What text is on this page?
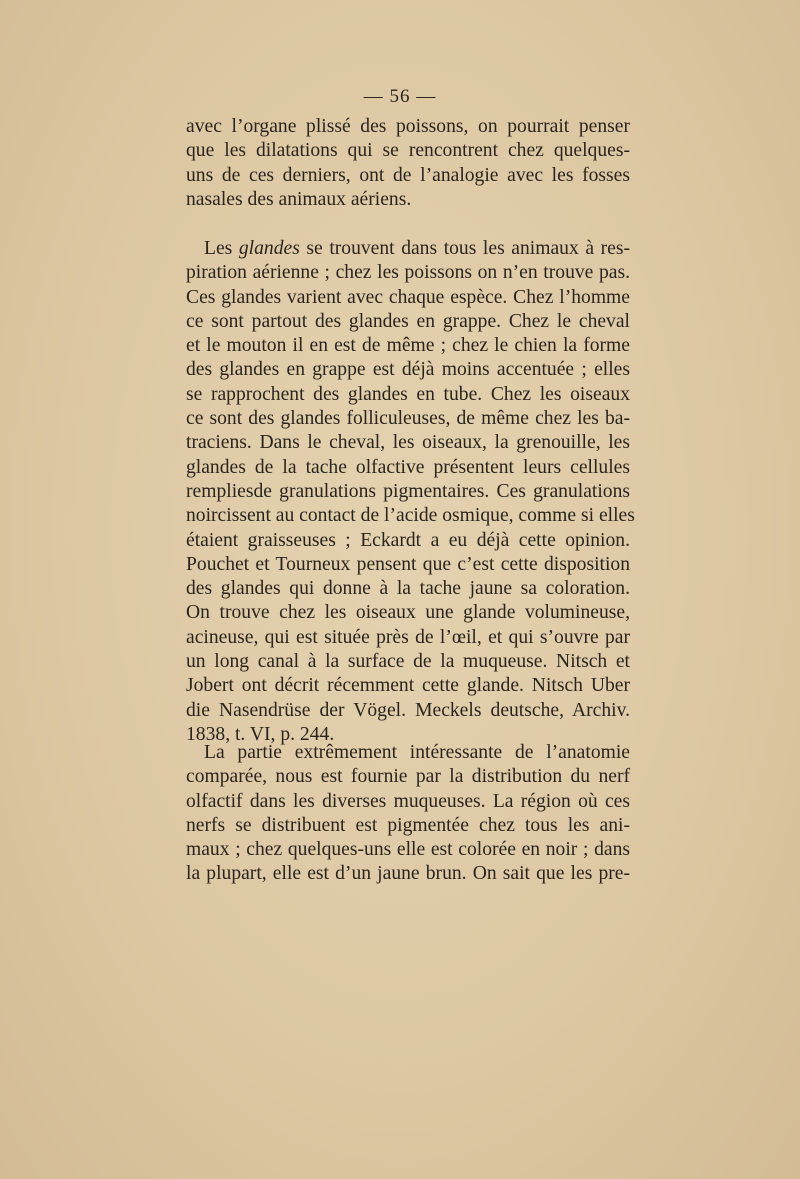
— 56 —
avec l’organe plissé des poissons, on pourrait penser
que les dilatations qui se rencontrent chez quelques-
uns de ces derniers, ont de l’analogie avec les fosses
nasales des animaux aériens.
Les glandes se trouvent dans tous les animaux à res-
piration aérienne ; chez les poissons on n’en trouve pas.
Ces glandes varient avec chaque espèce. Chez l’homme
ce sont partout des glandes en grappe. Chez le cheval
et le mouton il en est de même ; chez le chien la forme
des glandes en grappe est déjà moins accentuée ; elles
se rapprochent des glandes en tube. Chez les oiseaux
ce sont des glandes folliculeuses, de même chez les ba-
traciens. Dans le cheval, les oiseaux, la grenouille, les
glandes de la tache olfactive présentent leurs cellules
rempliesde granulations pigmentaires. Ces granulations
noircissent au contact de l’acide osmique, comme si elles
étaient graisseuses ; Eckardt a eu déjà cette opinion.
Pouchet et Tourneux pensent que c’est cette disposition
des glandes qui donne à la tache jaune sa coloration.
On trouve chez les oiseaux une glande volumineuse,
acineuse, qui est située près de l’œil, et qui s’ouvre par
un long canal à la surface de la muqueuse. Nitsch et
Jobert ont décrit récemment cette glande. Nitsch Uber
die Nasendrüse der Vögel. Meckels deutsche, Archiv.
1838, t. VI, p. 244.
La partie extrêmement intéressante de l’anatomie
comparée, nous est fournie par la distribution du nerf
olfactif dans les diverses muqueuses. La région où ces
nerfs se distribuent est pigmentée chez tous les ani-
maux ; chez quelques-uns elle est colorée en noir ; dans
la plupart, elle est d’un jaune brun. On sait que les pre-
